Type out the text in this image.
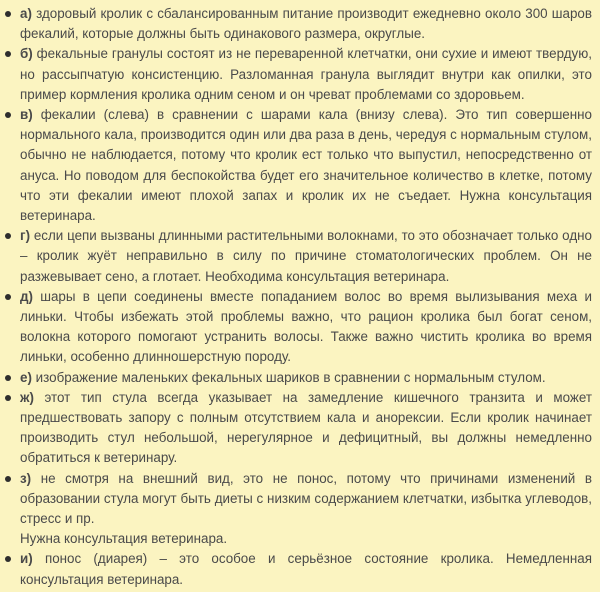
а) здоровый кролик с сбалансированным питание производит ежедневно около 300 шаров фекалий, которые должны быть одинакового размера, округлые.
б) фекальные гранулы состоят из не переваренной клетчатки, они сухие и имеют твердую, но рассыпчатую консистенцию. Разломанная гранула выглядит внутри как опилки, это пример кормления кролика одним сеном и он чреват проблемами со здоровьем.
в) фекалии (слева) в сравнении с шарами кала (внизу слева). Это тип совершенно нормального кала, производится один или два раза в день, чередуя с нормальным стулом, обычно не наблюдается, потому что кролик ест только что выпустил, непосредственно от ануса. Но поводом для беспокойства будет его значительное количество в клетке, потому что эти фекалии имеют плохой запах и кролик их не съедает. Нужна консультация ветеринара.
г) если цепи вызваны длинными растительными волокнами, то это обозначает только одно – кролик жуёт неправильно в силу по причине стоматологических проблем. Он не разжевывает сено, а глотает. Необходима консультация ветеринара.
д) шары в цепи соединены вместе попаданием волос во время вылизывания меха и линьки. Чтобы избежать этой проблемы важно, что рацион кролика был богат сеном, волокна которого помогают устранить волосы. Также важно чистить кролика во время линьки, особенно длинношерстную породу.
е) изображение маленьких фекальных шариков в сравнении с нормальным стулом.
ж) этот тип стула всегда указывает на замедление кишечного транзита и может предшествовать запору с полным отсутствием кала и анорексии. Если кролик начинает производить стул небольшой, нерегулярное и дефицитный, вы должны немедленно обратиться к ветеринару.
з) не смотря на внешний вид, это не понос, потому что причинами изменений в образовании стула могут быть диеты с низким содержанием клетчатки, избытка углеводов, стресс и пр.
Нужна консультация ветеринара.
и) понос (диарея) – это особое и серьёзное состояние кролика. Немедленная консультация ветеринара.
